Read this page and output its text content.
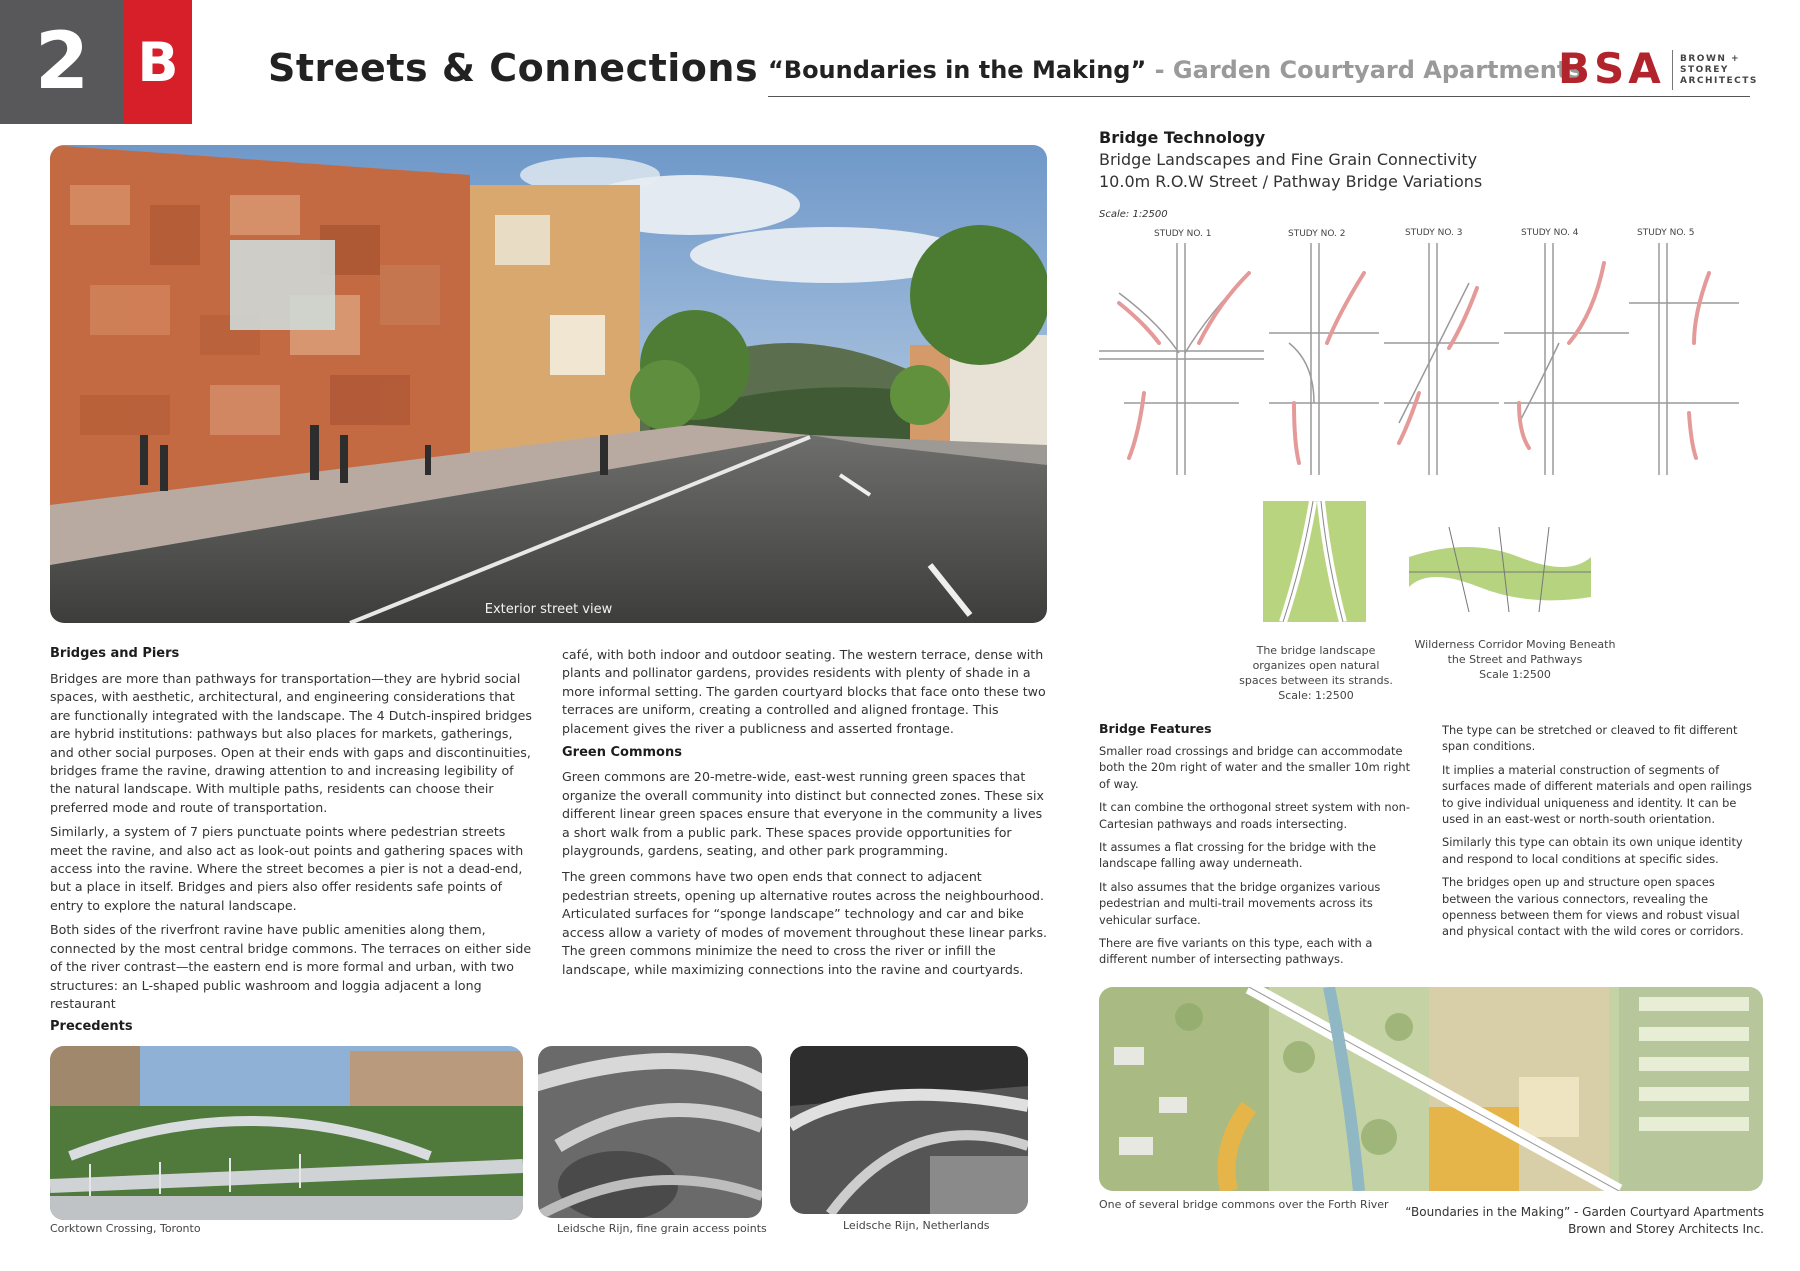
2 B	Streets & Connections “Boundaries in the Making” - Garden Courtyard Apartments
BSA BROWN +
STOREY
ARCHITECTS
Exterior street view
Bridges and Piers

Bridges are more than pathways for transportation—they are hybrid social spaces, with aesthetic, architectural, and engineering considerations that are functionally integrated with the landscape. The 4 Dutch-inspired bridges are hybrid institutions: pathways but also places for markets, gatherings, and other social purposes. Open at their ends with gaps and discontinuities, bridges frame the ravine, drawing attention to and increasing legibility of the natural landscape. With multiple paths, residents can choose their preferred mode and route of transportation.

Similarly, a system of 7 piers punctuate points where pedestrian streets meet the ravine, and also act as look-out points and gathering spaces with access into the ravine. Where the street becomes a pier is not a dead-end, but a place in itself. Bridges and piers also offer residents safe points of entry to explore the natural landscape.

Both sides of the riverfront ravine have public amenities along them, connected by the most central bridge commons. The terraces on either side of the river contrast—the eastern end is more formal and urban, with two structures: an L-shaped public washroom and loggia adjacent a long restaurant

café, with both indoor and outdoor seating. The western terrace, dense with plants and pollinator gardens, provides residents with plenty of shade in a more informal setting. The garden courtyard blocks that face onto these two terraces are uniform, creating a controlled and aligned frontage. This placement gives the river a publicness and asserted frontage.

Green Commons

Green commons are 20-metre-wide, east-west running green spaces that organize the overall community into distinct but connected zones. These six different linear green spaces ensure that everyone in the community a lives a short walk from a public park. These spaces provide opportunities for playgrounds, gardens, seating, and other park programming.

The green commons have two open ends that connect to adjacent pedestrian streets, opening up alternative routes across the neighbourhood. Articulated surfaces for “sponge landscape” technology and car and bike access allow a variety of modes of movement throughout these linear parks. The green commons minimize the need to cross the river or infill the landscape, while maximizing connections into the ravine and courtyards.

Precedents
Corktown Crossing, Toronto	Leidsche Rijn, fine grain access points	Leidsche Rijn, Netherlands
Bridge Technology
Bridge Landscapes and Fine Grain Connectivity
10.0m R.O.W Street / Pathway Bridge Variations
Scale: 1:2500
STUDY NO. 1	STUDY NO. 2	STUDY NO. 3	STUDY NO. 4	STUDY NO. 5
The bridge landscape
organizes open natural
spaces between its strands.
Scale: 1:2500
Wilderness Corridor Moving Beneath
the Street and Pathways
Scale 1:2500
Bridge Features

Smaller road crossings and bridge can accommodate both the 20m right of water and the smaller 10m right of way.

It can combine the orthogonal street system with non-Cartesian pathways and roads intersecting.

It assumes a flat crossing for the bridge with the landscape falling away underneath.

It also assumes that the bridge organizes various pedestrian and multi-trail movements across its vehicular surface.

There are five variants on this type, each with a different number of intersecting pathways.

The type can be stretched or cleaved to fit different span conditions.

It implies a material construction of segments of surfaces made of different materials and open railings to give individual uniqueness and identity. It can be used in an east-west or north-south orientation.

Similarly this type can obtain its own unique identity and respond to local conditions at specific sides.

The bridges open up and structure open spaces between the various connectors, revealing the openness between them for views and robust visual and physical contact with the wild cores or corridors.

One of several bridge commons over the Forth River
“Boundaries in the Making” - Garden Courtyard Apartments
Brown and Storey Architects Inc.
